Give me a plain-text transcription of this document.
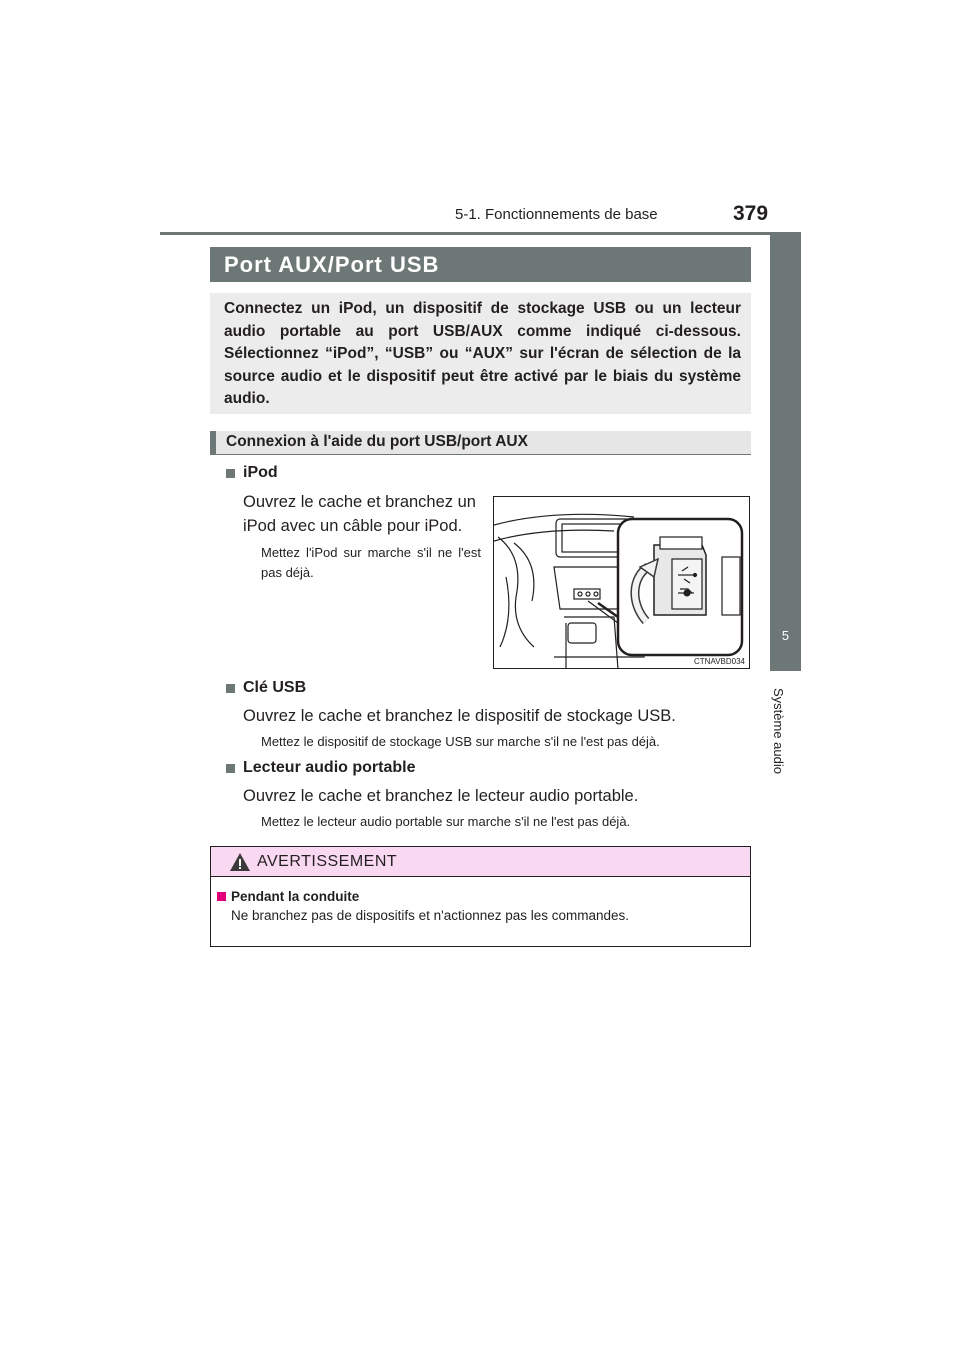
5-1. Fonctionnements de base	379
5
Système audio
Port AUX/Port USB
Connectez un iPod, un dispositif de stockage USB ou un lecteur audio portable au port USB/AUX comme indiqué ci-dessous. Sélectionnez “iPod”, “USB” ou “AUX” sur l'écran de sélection de la source audio et le dispositif peut être activé par le biais du système audio.
Connexion à l'aide du port USB/port AUX
iPod
Ouvrez le cache et branchez un iPod avec un câble pour iPod.
Mettez l'iPod sur marche s'il ne l'est pas déjà.
CTNAVBD034
Clé USB
Ouvrez le cache et branchez le dispositif de stockage USB.
Mettez le dispositif de stockage USB sur marche s'il ne l'est pas déjà.
Lecteur audio portable
Ouvrez le cache et branchez le lecteur audio portable.
Mettez le lecteur audio portable sur marche s'il ne l'est pas déjà.
AVERTISSEMENT
Pendant la conduite
Ne branchez pas de dispositifs et n'actionnez pas les commandes.
